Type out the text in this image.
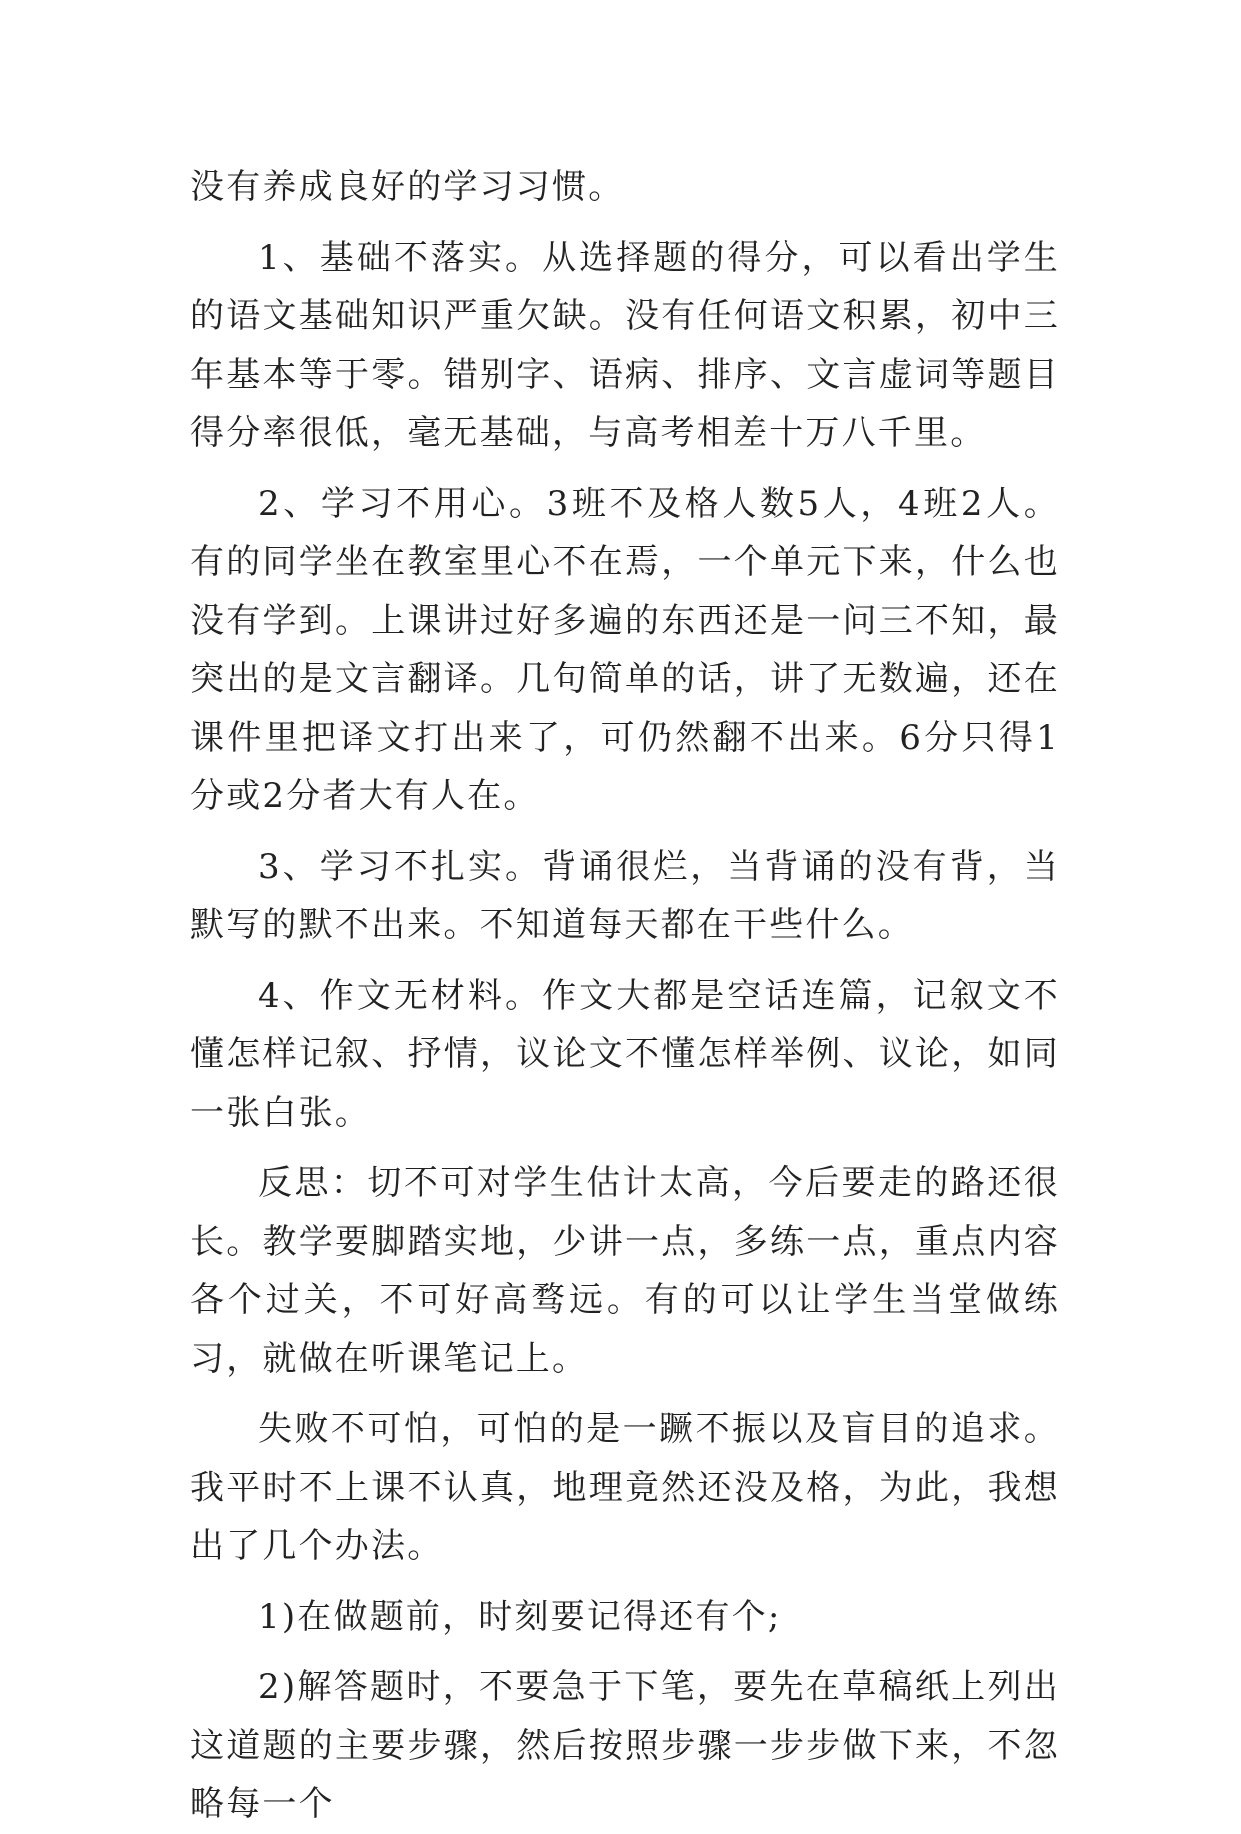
没有养成良好的学习习惯。

1、基础不落实。从选择题的得分，可以看出学生的语文基础知识严重欠缺。没有任何语文积累，初中三年基本等于零。错别字、语病、排序、文言虚词等题目得分率很低，毫无基础，与高考相差十万八千里。

2、学习不用心。3班不及格人数5人，4班2人。有的同学坐在教室里心不在焉，一个单元下来，什么也没有学到。上课讲过好多遍的东西还是一问三不知，最突出的是文言翻译。几句简单的话，讲了无数遍，还在课件里把译文打出来了，可仍然翻不出来。6分只得1分或2分者大有人在。

3、学习不扎实。背诵很烂，当背诵的没有背，当默写的默不出来。不知道每天都在干些什么。

4、作文无材料。作文大都是空话连篇，记叙文不懂怎样记叙、抒情，议论文不懂怎样举例、议论，如同一张白张。

反思：切不可对学生估计太高，今后要走的路还很长。教学要脚踏实地，少讲一点，多练一点，重点内容各个过关，不可好高骛远。有的可以让学生当堂做练习，就做在听课笔记上。

失败不可怕，可怕的是一蹶不振以及盲目的追求。我平时不上课不认真，地理竟然还没及格，为此，我想出了几个办法。

1)在做题前，时刻要记得还有个;

2)解答题时，不要急于下笔，要先在草稿纸上列出这道题的主要步骤，然后按照步骤一步步做下来，不忽略每一个
